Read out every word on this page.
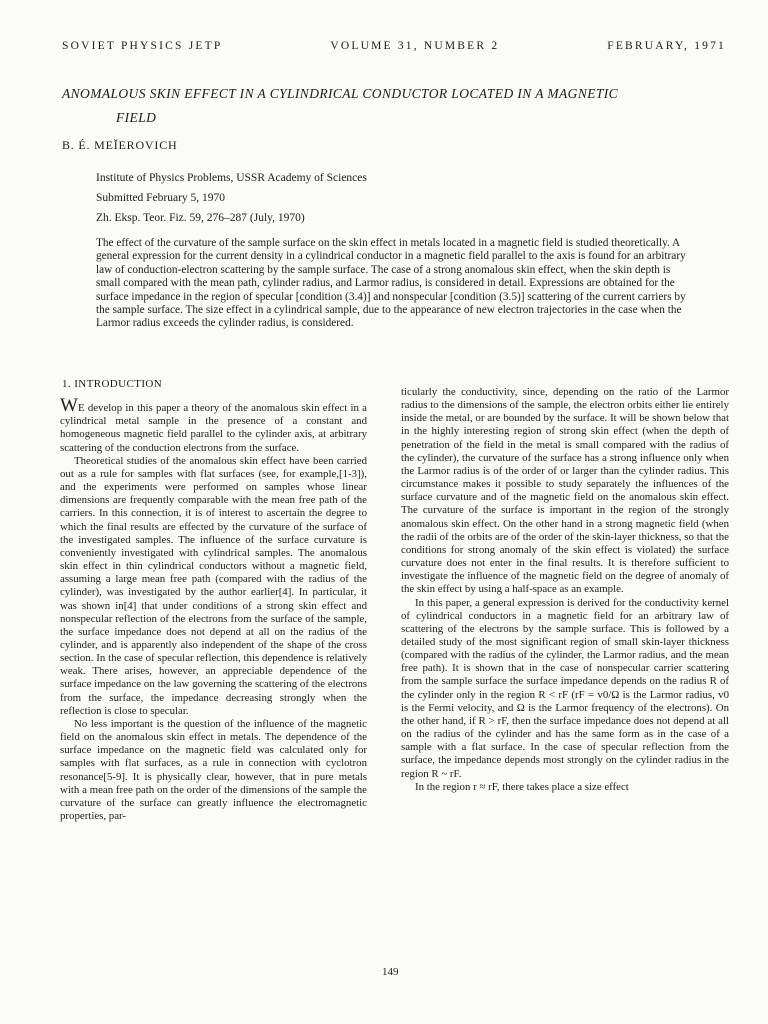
SOVIET PHYSICS JETP	VOLUME 31, NUMBER 2	FEBRUARY, 1971

ANOMALOUS SKIN EFFECT IN A CYLINDRICAL CONDUCTOR LOCATED IN A MAGNETIC

FIELD

B. É. MEĬEROVICH
Institute of Physics Problems, USSR Academy of Sciences
Submitted February 5, 1970
Zh. Eksp. Teor. Fiz. 59, 276–287 (July, 1970)

The effect of the curvature of the sample surface on the skin effect in metals located in a magnetic field is studied theoretically. A general expression for the current density in a cylindrical conductor in a magnetic field parallel to the axis is found for an arbitrary law of conduction-electron scattering by the sample surface. The case of a strong anomalous skin effect, when the skin depth is small compared with the mean path, cylinder radius, and Larmor radius, is considered in detail. Expressions are obtained for the surface impedance in the region of specular [condition (3.4)] and nonspecular [condition (3.5)] scattering of the current carriers by the sample surface. The size effect in a cylindrical sample, due to the appearance of new electron trajectories in the case when the Larmor radius exceeds the cylinder radius, is considered.

1. INTRODUCTION

WE develop in this paper a theory of the anomalous skin effect in a cylindrical metal sample in the presence of a constant and homogeneous magnetic field parallel to the cylinder axis, at arbitrary scattering of the conduction electrons from the surface.

Theoretical studies of the anomalous skin effect have been carried out as a rule for samples with flat surfaces (see, for example,[1-3]), and the experiments were performed on samples whose linear dimensions are frequently comparable with the mean free path of the carriers. In this connection, it is of interest to ascertain the degree to which the final results are effected by the curvature of the surface of the investigated samples. The influence of the surface curvature is conveniently investigated with cylindrical samples. The anomalous skin effect in thin cylindrical conductors without a magnetic field, assuming a large mean free path (compared with the radius of the cylinder), was investigated by the author earlier[4]. In particular, it was shown in[4] that under conditions of a strong skin effect and nonspecular reflection of the electrons from the surface of the sample, the surface impedance does not depend at all on the radius of the cylinder, and is apparently also independent of the shape of the cross section. In the case of specular reflection, this dependence is relatively weak. There arises, however, an appreciable dependence of the surface impedance on the law governing the scattering of the electrons from the surface, the impedance decreasing strongly when the reflection is close to specular.

No less important is the question of the influence of the magnetic field on the anomalous skin effect in metals. The dependence of the surface impedance on the magnetic field was calculated only for samples with flat surfaces, as a rule in connection with cyclotron resonance[5-9]. It is physically clear, however, that in pure metals with a mean free path on the order of the dimensions of the sample the curvature of the surface can greatly influence the electromagnetic properties, par-

ticularly the conductivity, since, depending on the ratio of the Larmor radius to the dimensions of the sample, the electron orbits either lie entirely inside the metal, or are bounded by the surface. It will be shown below that in the highly interesting region of strong skin effect (when the depth of penetration of the field in the metal is small compared with the radius of the cylinder), the curvature of the surface has a strong influence only when the Larmor radius is of the order of or larger than the cylinder radius. This circumstance makes it possible to study separately the influences of the surface curvature and of the magnetic field on the anomalous skin effect. The curvature of the surface is important in the region of the strongly anomalous skin effect. On the other hand in a strong magnetic field (when the radii of the orbits are of the order of the skin-layer thickness, so that the conditions for strong anomaly of the skin effect is violated) the surface curvature does not enter in the final results. It is therefore sufficient to investigate the influence of the magnetic field on the degree of anomaly of the skin effect by using a half-space as an example.

In this paper, a general expression is derived for the conductivity kernel of cylindrical conductors in a magnetic field for an arbitrary law of scattering of the electrons by the sample surface. This is followed by a detailed study of the most significant region of small skin-layer thickness (compared with the radius of the cylinder, the Larmor radius, and the mean free path). It is shown that in the case of nonspecular carrier scattering from the sample surface the surface impedance depends on the radius R of the cylinder only in the region R < rF (rF = v0/Ω is the Larmor radius, v0 is the Fermi velocity, and Ω is the Larmor frequency of the electrons). On the other hand, if R > rF, then the surface impedance does not depend at all on the radius of the cylinder and has the same form as in the case of a sample with a flat surface. In the case of specular reflection from the surface, the impedance depends most strongly on the cylinder radius in the region R ~ rF.

In the region r ≈ rF, there takes place a size effect

149
